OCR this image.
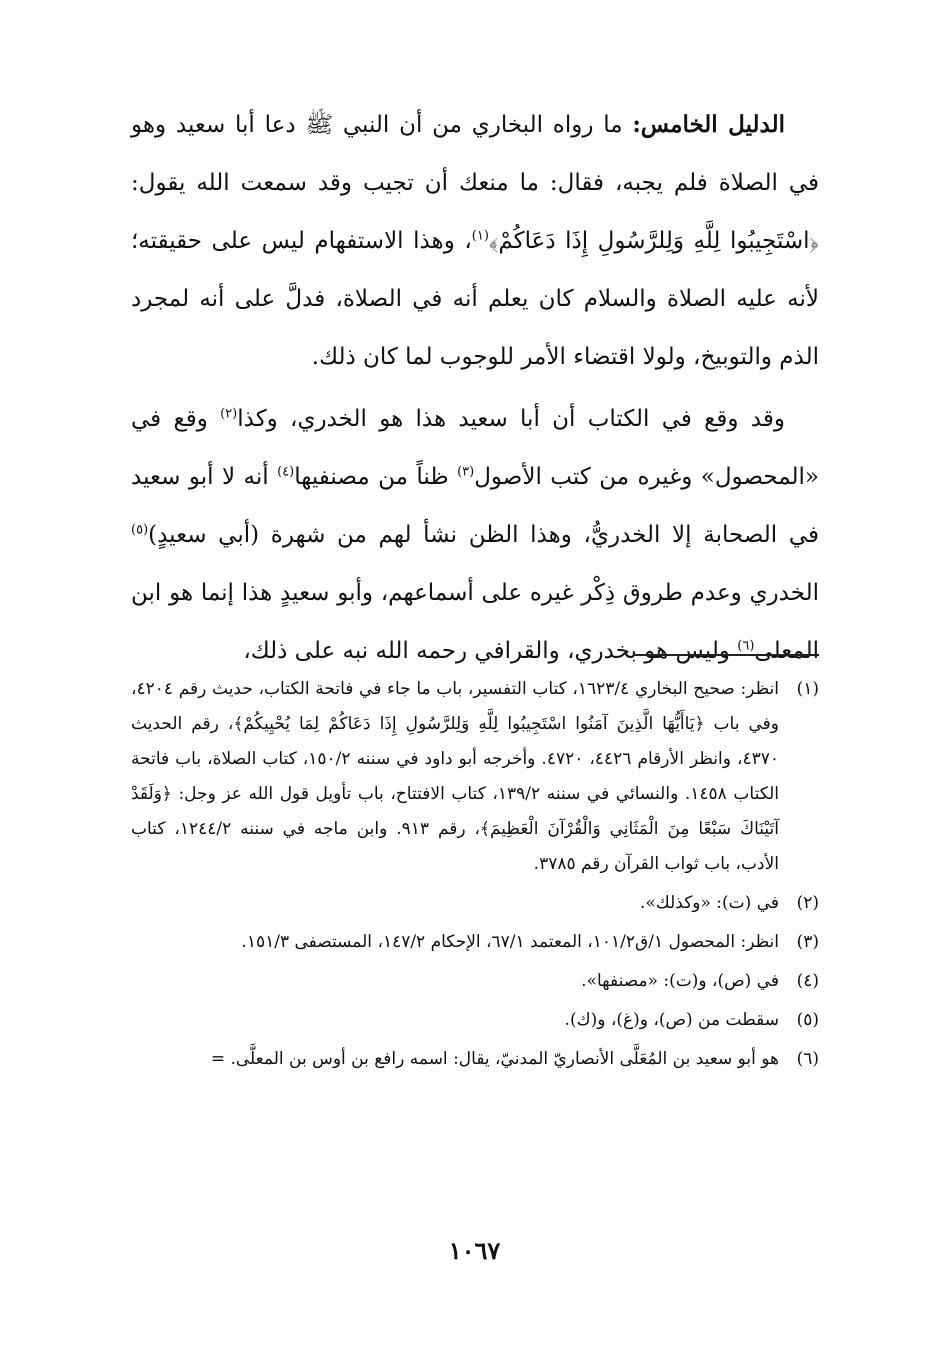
الدليل الخامس: ما رواه البخاري من أن النبي ﷺ دعا أبا سعيد وهو في الصلاة فلم يجبه، فقال: ما منعك أن تجيب وقد سمعت الله يقول: ﴿اسْتَجِيبُوا لِلَّهِ وَلِلرَّسُولِ إِذَا دَعَاكُمْ﴾$^{(١)}$، وهذا الاستفهام ليس على حقيقته؛ لأنه عليه الصلاة والسلام كان يعلم أنه في الصلاة، فدلَّ على أنه لمجرد الذم والتوبيخ، ولولا اقتضاء الأمر للوجوب لما كان ذلك.

وقد وقع في الكتاب أن أبا سعيد هذا هو الخدري، وكذا$^{(٢)}$ وقع في «المحصول» وغيره من كتب الأصول$^{(٣)}$ ظناً من مصنفيها$^{(٤)}$ أنه لا أبو سعيد في الصحابة إلا الخدريُّ، وهذا الظن نشأ لهم من شهرة (أبي سعيدٍ)$^{(٥)}$ الخدري وعدم طروق ذِكْر غيره على أسماعهم، وأبو سعيدٍ هذا إنما هو ابن المعلى$^{(٦)}$ وليس هو بخدري، والقرافي رحمه الله نبه على ذلك،

(١)
انظر: صحيح البخاري ١٦٢٣/٤، كتاب التفسير، باب ما جاء في فاتحة الكتاب، حديث رقم ٤٢٠٤، وفي باب ﴿يَاأَيُّهَا الَّذِينَ آمَنُوا اسْتَجِيبُوا لِلَّهِ وَلِلرَّسُولِ إِذَا دَعَاكُمْ لِمَا يُحْيِيكُمْ﴾، رقم الحديث ٤٣٧٠، وانظر الأرقام ٤٤٢٦، ٤٧٢٠. وأخرجه أبو داود في سننه ١٥٠/٢، كتاب الصلاة، باب فاتحة الكتاب ١٤٥٨. والنسائي في سننه ١٣٩/٢، كتاب الافتتاح، باب تأويل قول الله عز وجل: ﴿وَلَقَدْ آتَيْنَاكَ سَبْعًا مِنَ الْمَثَانِي وَالْقُرْآنَ الْعَظِيمَ﴾، رقم ٩١٣. وابن ماجه في سننه ١٢٤٤/٢، كتاب الأدب، باب ثواب القرآن رقم ٣٧٨٥.
(٢)
في (ت): «وكذلك».
(٣)
انظر: المحصول ١/ق١٠١/٢، المعتمد ٦٧/١، الإحكام ١٤٧/٢، المستصفى ١٥١/٣.
(٤)
في (ص)، و(ت): «مصنفها».
(٥)
سقطت من (ص)، و(غ)، و(ك).
(٦)
هو أبو سعيد بن المُعَلَّى الأنصاريّ المدنيّ، يقال: اسمه رافع بن أوس بن المعلَّى. =
١٠٦٧
